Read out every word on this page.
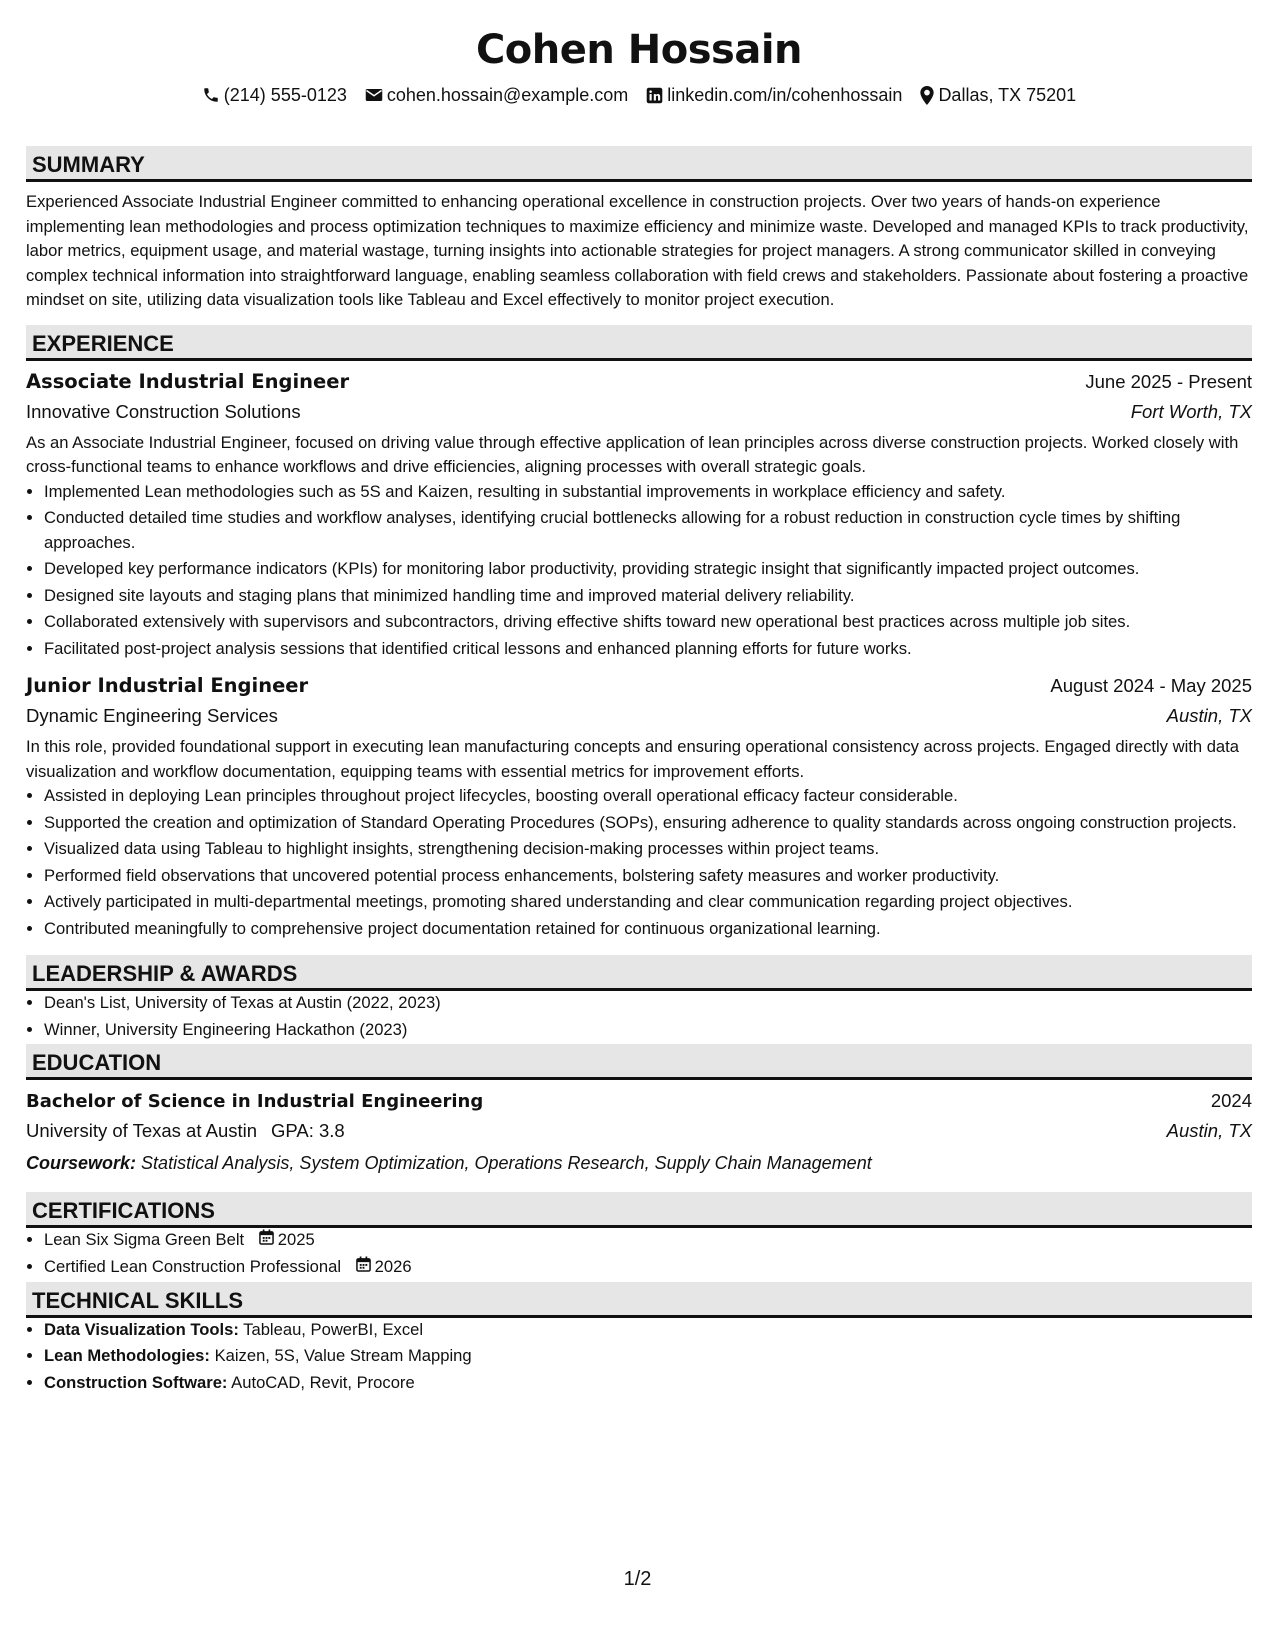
Cohen Hossain
(214) 555-0123 cohen.hossain@example.com linkedin.com/in/cohenhossain Dallas, TX 75201
SUMMARY
Experienced Associate Industrial Engineer committed to enhancing operational excellence in construction projects. Over two years of hands-on experience implementing lean methodologies and process optimization techniques to maximize efficiency and minimize waste. Developed and managed KPIs to track productivity, labor metrics, equipment usage, and material wastage, turning insights into actionable strategies for project managers. A strong communicator skilled in conveying complex technical information into straightforward language, enabling seamless collaboration with field crews and stakeholders. Passionate about fostering a proactive mindset on site, utilizing data visualization tools like Tableau and Excel effectively to monitor project execution.
EXPERIENCE
Associate Industrial Engineer	June 2025 - Present
Innovative Construction Solutions	Fort Worth, TX
As an Associate Industrial Engineer, focused on driving value through effective application of lean principles across diverse construction projects. Worked closely with cross-functional teams to enhance workflows and drive efficiencies, aligning processes with overall strategic goals.
• Implemented Lean methodologies such as 5S and Kaizen, resulting in substantial improvements in workplace efficiency and safety.
• Conducted detailed time studies and workflow analyses, identifying crucial bottlenecks allowing for a robust reduction in construction cycle times by shifting approaches.
• Developed key performance indicators (KPIs) for monitoring labor productivity, providing strategic insight that significantly impacted project outcomes.
• Designed site layouts and staging plans that minimized handling time and improved material delivery reliability.
• Collaborated extensively with supervisors and subcontractors, driving effective shifts toward new operational best practices across multiple job sites.
• Facilitated post-project analysis sessions that identified critical lessons and enhanced planning efforts for future works.
Junior Industrial Engineer	August 2024 - May 2025
Dynamic Engineering Services	Austin, TX
In this role, provided foundational support in executing lean manufacturing concepts and ensuring operational consistency across projects. Engaged directly with data visualization and workflow documentation, equipping teams with essential metrics for improvement efforts.
• Assisted in deploying Lean principles throughout project lifecycles, boosting overall operational efficacy facteur considerable.
• Supported the creation and optimization of Standard Operating Procedures (SOPs), ensuring adherence to quality standards across ongoing construction projects.
• Visualized data using Tableau to highlight insights, strengthening decision-making processes within project teams.
• Performed field observations that uncovered potential process enhancements, bolstering safety measures and worker productivity.
• Actively participated in multi-departmental meetings, promoting shared understanding and clear communication regarding project objectives.
• Contributed meaningfully to comprehensive project documentation retained for continuous organizational learning.
LEADERSHIP & AWARDS
• Dean's List, University of Texas at Austin (2022, 2023)
• Winner, University Engineering Hackathon (2023)
EDUCATION
Bachelor of Science in Industrial Engineering	2024
University of Texas at Austin GPA: 3.8	Austin, TX
Coursework: Statistical Analysis, System Optimization, Operations Research, Supply Chain Management
CERTIFICATIONS
• Lean Six Sigma Green Belt 2025
• Certified Lean Construction Professional 2026
TECHNICAL SKILLS
• Data Visualization Tools: Tableau, PowerBI, Excel
• Lean Methodologies: Kaizen, 5S, Value Stream Mapping
• Construction Software: AutoCAD, Revit, Procore
1/2
